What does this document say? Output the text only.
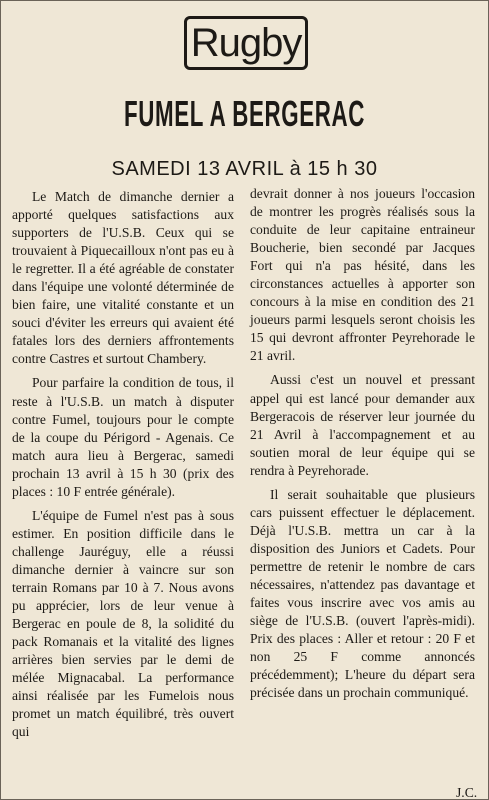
Rugby
FUMEL A BERGERAC
SAMEDI 13 AVRIL à 15 h 30

Le Match de dimanche dernier a apporté quelques satisfactions aux supporters de l'U.S.B. Ceux qui se trouvaient à Piquecailloux n'ont pas eu à le regretter. Il a été agréable de constater dans l'équipe une volonté déterminée de bien faire, une vitalité constante et un souci d'éviter les erreurs qui avaient été fatales lors des derniers affrontements contre Castres et surtout Chambery.

Pour parfaire la condition de tous, il reste à l'U.S.B. un match à disputer contre Fumel, toujours pour le compte de la coupe du Périgord - Agenais. Ce match aura lieu à Bergerac, samedi prochain 13 avril à 15 h 30 (prix des places : 10 F entrée générale).

L'équipe de Fumel n'est pas à sous estimer. En position difficile dans le challenge Jauréguy, elle a réussi dimanche dernier à vaincre sur son terrain Romans par 10 à 7. Nous avons pu apprécier, lors de leur venue à Bergerac en poule de 8, la solidité du pack Romanais et la vitalité des lignes arrières bien servies par le demi de mélée Mignacabal. La performance ainsi réalisée par les Fumelois nous promet un match équilibré, très ouvert qui

devrait donner à nos joueurs l'occasion de montrer les progrès réalisés sous la conduite de leur capitaine entraineur Boucherie, bien secondé par Jacques Fort qui n'a pas hésité, dans les circonstances actuelles à apporter son concours à la mise en condition des 21 joueurs parmi lesquels seront choisis les 15 qui devront affronter Peyrehorade le 21 avril.

Aussi c'est un nouvel et pressant appel qui est lancé pour demander aux Bergeracois de réserver leur journée du 21 Avril à l'accompagnement et au soutien moral de leur équipe qui se rendra à Peyrehorade.

Il serait souhaitable que plusieurs cars puissent effectuer le déplacement. Déjà l'U.S.B. mettra un car à la disposition des Juniors et Cadets. Pour permettre de retenir le nombre de cars nécessaires, n'attendez pas davantage et faites vous inscrire avec vos amis au siège de l'U.S.B. (ouvert l'après-midi). Prix des places : Aller et retour : 20 F et non 25 F comme annoncés précédemment); L'heure du départ sera précisée dans un prochain communiqué.

J.C.
